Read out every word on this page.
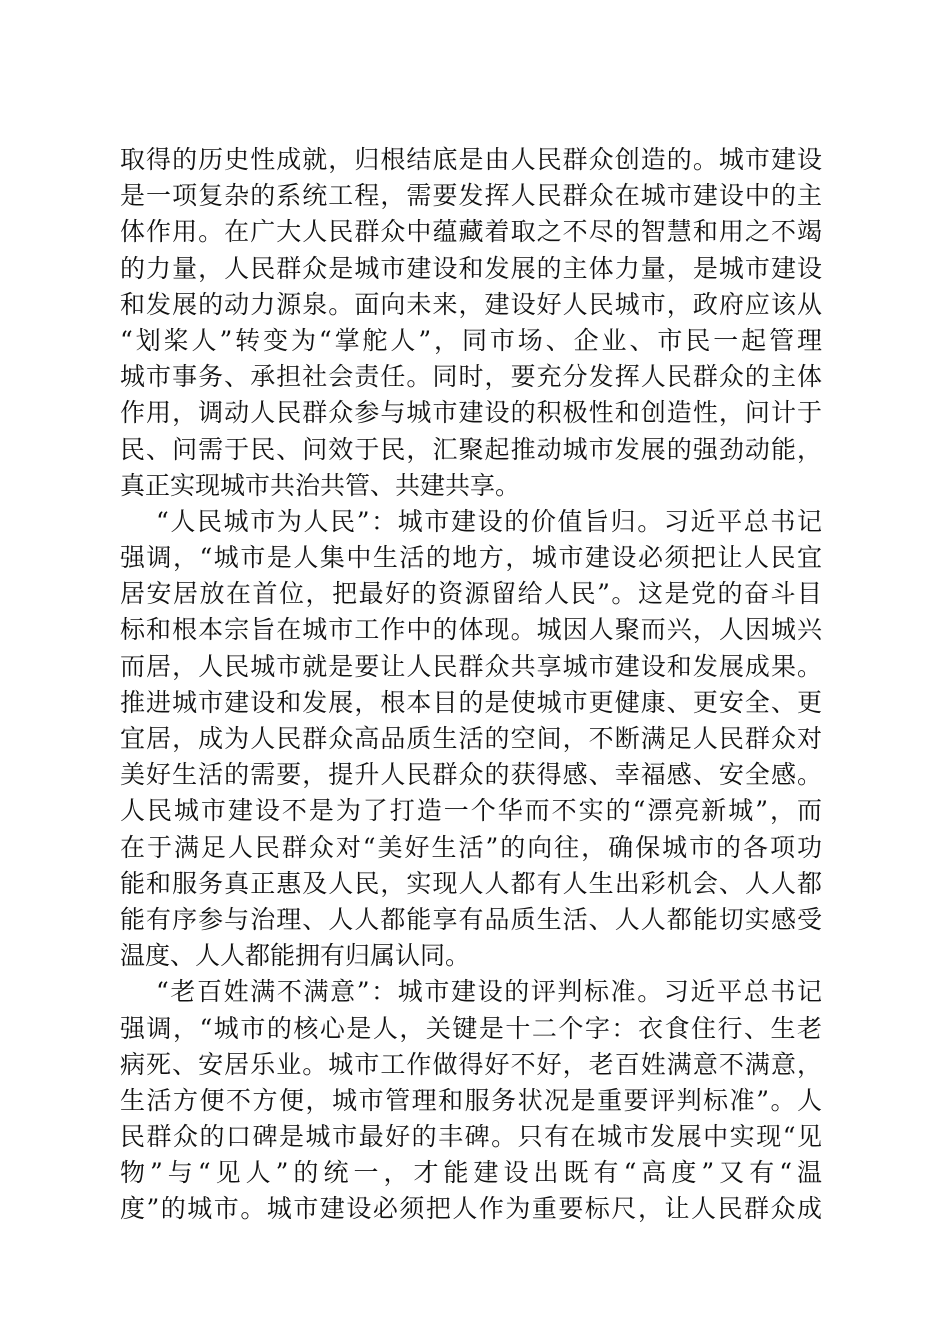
取得的历史性成就，归根结底是由人民群众创造的。城市建设
是一项复杂的系统工程，需要发挥人民群众在城市建设中的主
体作用。在广大人民群众中蕴藏着取之不尽的智慧和用之不竭
的力量，人民群众是城市建设和发展的主体力量，是城市建设
和发展的动力源泉。面向未来，建设好人民城市，政府应该从
“划桨人”转变为“掌舵人”，同市场、企业、市民一起管理
城市事务、承担社会责任。同时，要充分发挥人民群众的主体
作用，调动人民群众参与城市建设的积极性和创造性，问计于
民、问需于民、问效于民，汇聚起推动城市发展的强劲动能，
真正实现城市共治共管、共建共享。
“人民城市为人民”：城市建设的价值旨归。习近平总书记
强调，“城市是人集中生活的地方，城市建设必须把让人民宜
居安居放在首位，把最好的资源留给人民”。这是党的奋斗目
标和根本宗旨在城市工作中的体现。城因人聚而兴，人因城兴
而居，人民城市就是要让人民群众共享城市建设和发展成果。
推进城市建设和发展，根本目的是使城市更健康、更安全、更
宜居，成为人民群众高品质生活的空间，不断满足人民群众对
美好生活的需要，提升人民群众的获得感、幸福感、安全感。
人民城市建设不是为了打造一个华而不实的“漂亮新城”，而
在于满足人民群众对“美好生活”的向往，确保城市的各项功
能和服务真正惠及人民，实现人人都有人生出彩机会、人人都
能有序参与治理、人人都能享有品质生活、人人都能切实感受
温度、人人都能拥有归属认同。
“老百姓满不满意”：城市建设的评判标准。习近平总书记
强调，“城市的核心是人，关键是十二个字：衣食住行、生老
病死、安居乐业。城市工作做得好不好，老百姓满意不满意，
生活方便不方便，城市管理和服务状况是重要评判标准”。人
民群众的口碑是城市最好的丰碑。只有在城市发展中实现“见
物”与“见人”的统一，才能建设出既有“高度”又有“温
度”的城市。城市建设必须把人作为重要标尺，让人民群众成
